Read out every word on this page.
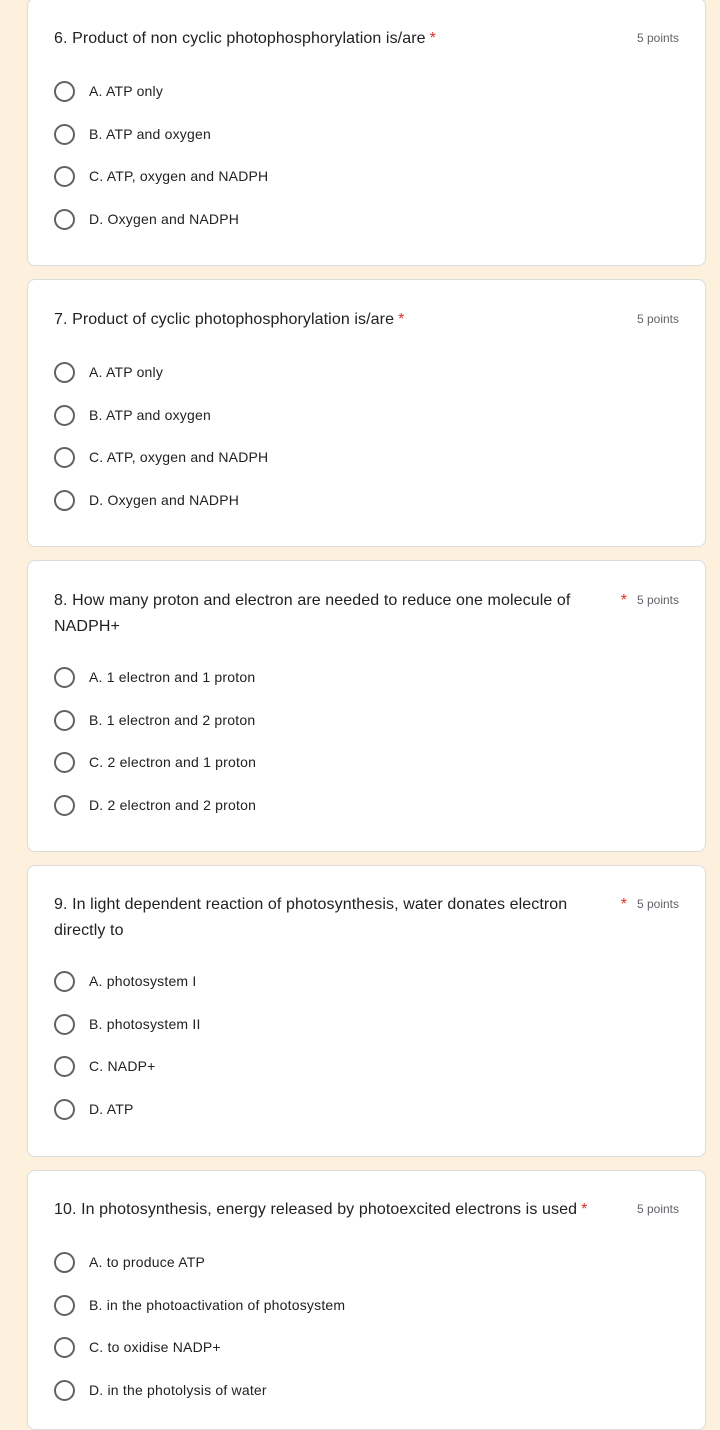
6. Product of non cyclic photophosphorylation is/are *	5 points
A. ATP only
B. ATP and oxygen
C. ATP, oxygen and NADPH
D. Oxygen and NADPH
7. Product of cyclic photophosphorylation is/are *	5 points
A. ATP only
B. ATP and oxygen
C. ATP, oxygen and NADPH
D. Oxygen and NADPH
8. How many proton and electron are needed to reduce one molecule of NADPH+
* 5 points
A. 1 electron and 1 proton
B. 1 electron and 2 proton
C. 2 electron and 1 proton
D. 2 electron and 2 proton
9. In light dependent reaction of photosynthesis, water donates electron directly to
* 5 points
A. photosystem I
B. photosystem II
C. NADP+
D. ATP
10. In photosynthesis, energy released by photoexcited electrons is used *	5 points
A. to produce ATP
B. in the photoactivation of photosystem
C. to oxidise NADP+
D. in the photolysis of water
